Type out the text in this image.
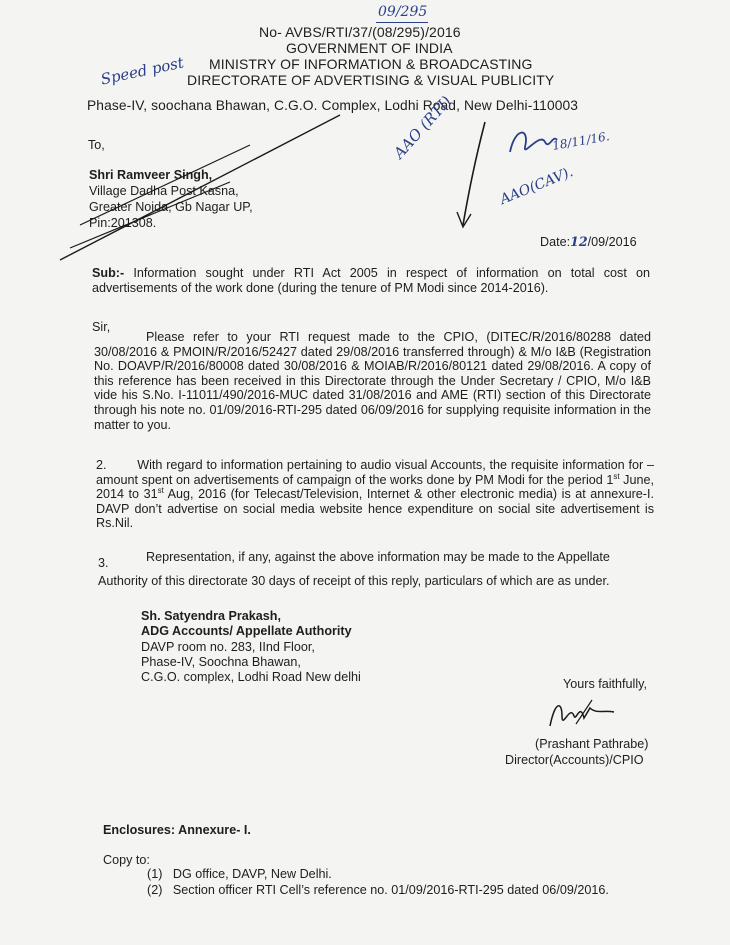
09/295
Speed post
No- AVBS/RTI/37/(08/295)/2016
GOVERNMENT OF INDIA
MINISTRY OF INFORMATION & BROADCASTING
DIRECTORATE OF ADVERTISING & VISUAL PUBLICITY
Phase-IV, soochana Bhawan, C.G.O. Complex, Lodhi Road, New Delhi-110003
To,
Shri Ramveer Singh,
Village Dadha Post Kasna,
Greater Noida, Gb Nagar UP,
Pin:201308.
AAO (RTI)	18/11/16.
AAO(CAV).
Date:12/09/2016
Sub:- Information sought under RTI Act 2005 in respect of information on total cost on advertisements of the work done (during the tenure of PM Modi since 2014-2016).
Sir,
Please refer to your RTI request made to the CPIO, (DITEC/R/2016/80288 dated 30/08/2016 & PMOIN/R/2016/52427 dated 29/08/2016 transferred through) & M/o I&B (Registration No. DOAVP/R/2016/80008 dated 30/08/2016 & MOIAB/R/2016/80121 dated 29/08/2016. A copy of this reference has been received in this Directorate through the Under Secretary / CPIO, M/o I&B vide his S.No. I-11011/490/2016-MUC dated 31/08/2016 and AME (RTI) section of this Directorate through his note no. 01/09/2016-RTI-295 dated 06/09/2016 for supplying requisite information in the matter to you.
2. With regard to information pertaining to audio visual Accounts, the requisite information for –amount spent on advertisements of campaign of the works done by PM Modi for the period 1st June, 2014 to 31st Aug, 2016 (for Telecast/Television, Internet & other electronic media) is at annexure-I. DAVP don’t advertise on social media website hence expenditure on social site advertisement is Rs.Nil.
3.	Representation, if any, against the above information may be made to the Appellate
Authority of this directorate 30 days of receipt of this reply, particulars of which are as under.
Sh. Satyendra Prakash,
ADG Accounts/ Appellate Authority
DAVP room no. 283, IInd Floor,
Phase-IV, Soochna Bhawan,
C.G.O. complex, Lodhi Road New delhi	Yours faithfully,
(Prashant Pathrabe)
Director(Accounts)/CPIO
Enclosures: Annexure- I.
Copy to:
(1) DG office, DAVP, New Delhi.
(2) Section officer RTI Cell’s reference no. 01/09/2016-RTI-295 dated 06/09/2016.
